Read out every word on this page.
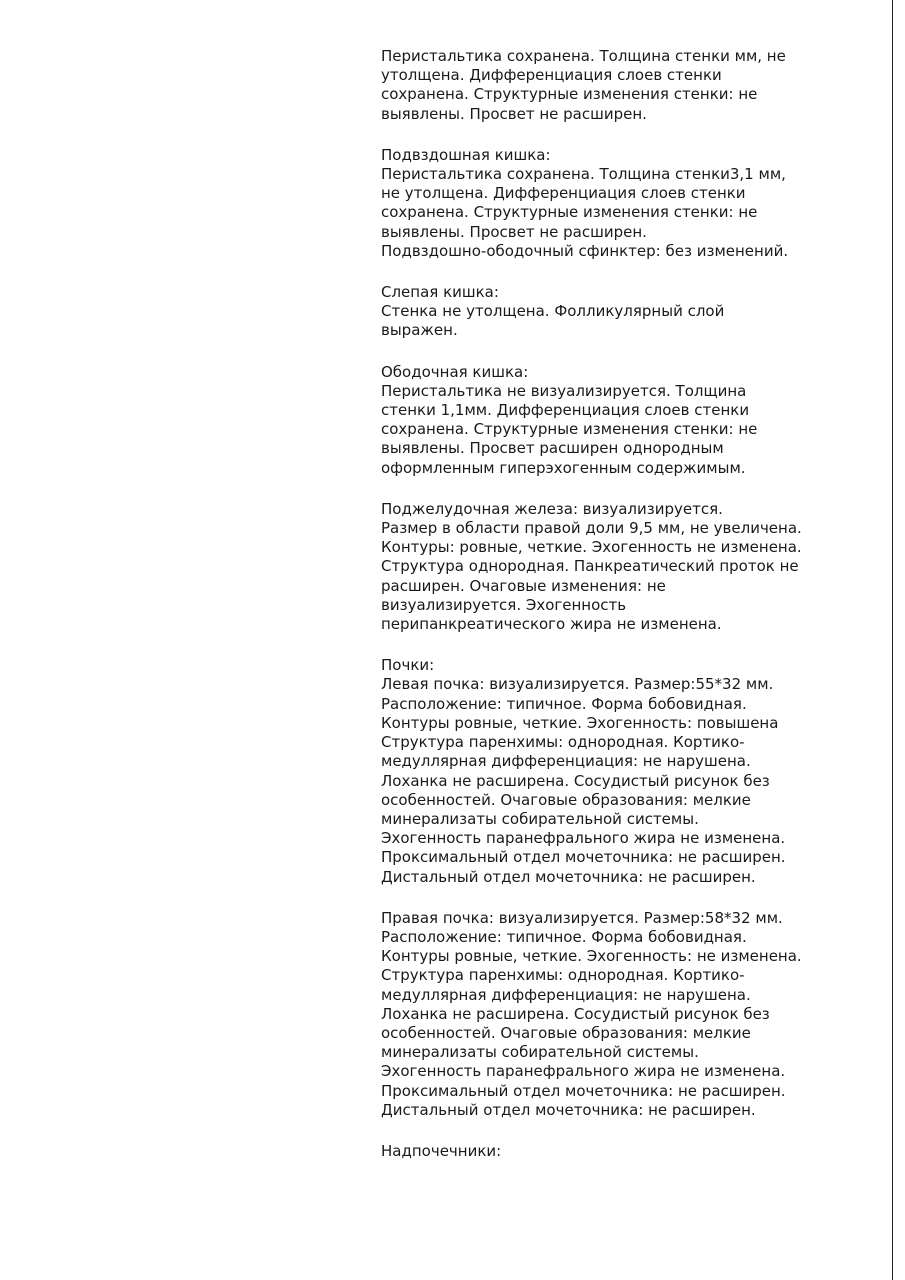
Перистальтика сохранена. Толщина стенки мм, не
утолщена. Дифференциация слоев стенки
сохранена. Структурные изменения стенки: не
выявлены. Просвет не расширен.
Подвздошная кишка:
Перистальтика сохранена. Толщина стенки3,1 мм,
не утолщена. Дифференциация слоев стенки
сохранена. Структурные изменения стенки: не
выявлены. Просвет не расширен.
Подвздошно-ободочный сфинктер: без изменений.
Слепая кишка:
Стенка не утолщена. Фолликулярный слой
выражен.
Ободочная кишка:
Перистальтика не визуализируется. Толщина
стенки 1,1мм. Дифференциация слоев стенки
сохранена. Структурные изменения стенки: не
выявлены. Просвет расширен однородным
оформленным гиперэхогенным содержимым.
Поджелудочная железа: визуализируется.
Размер в области правой доли 9,5 мм, не увеличена.
Контуры: ровные, четкие. Эхогенность не изменена.
Структура однородная. Панкреатический проток не
расширен. Очаговые изменения: не
визуализируется. Эхогенность
перипанкреатического жира не изменена.
Почки:
Левая почка: визуализируется. Размер:55*32 мм.
Расположение: типичное. Форма бобовидная.
Контуры ровные, четкие. Эхогенность: повышена
Структура паренхимы: однородная. Кортико-
медуллярная дифференциация: не нарушена.
Лоханка не расширена. Сосудистый рисунок без
особенностей. Очаговые образования: мелкие
минерализаты собирательной системы.
Эхогенность паранефрального жира не изменена.
Проксимальный отдел мочеточника: не расширен.
Дистальный отдел мочеточника: не расширен.
Правая почка: визуализируется. Размер:58*32 мм.
Расположение: типичное. Форма бобовидная.
Контуры ровные, четкие. Эхогенность: не изменена.
Структура паренхимы: однородная. Кортико-
медуллярная дифференциация: не нарушена.
Лоханка не расширена. Сосудистый рисунок без
особенностей. Очаговые образования: мелкие
минерализаты собирательной системы.
Эхогенность паранефрального жира не изменена.
Проксимальный отдел мочеточника: не расширен.
Дистальный отдел мочеточника: не расширен.
Надпочечники:
